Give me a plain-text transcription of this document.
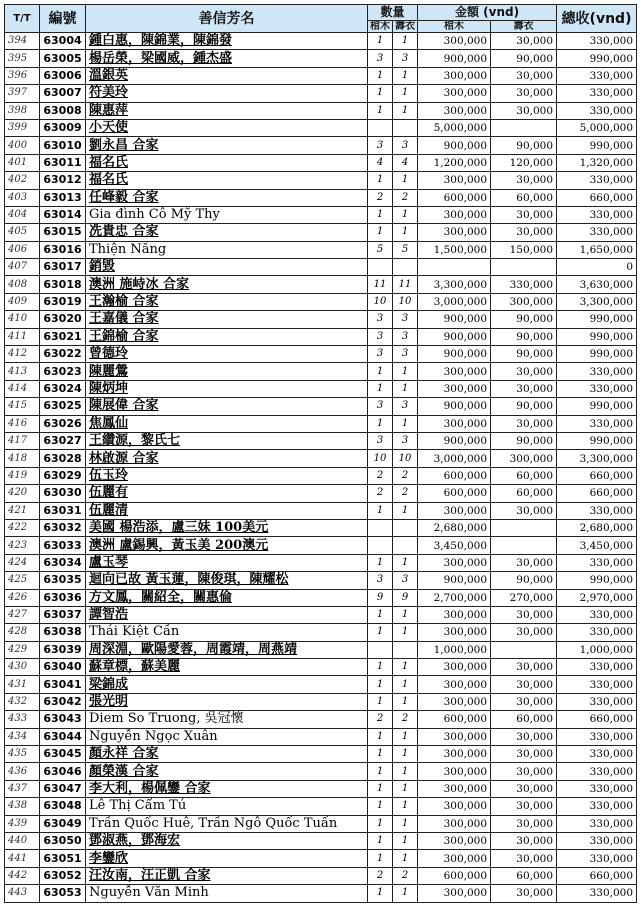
T/T	編號	善信芳名	數量		金額 (vnd)		總收(vnd)
			棺木	壽衣	棺木	壽衣	
394	63004	鍾白惠，陳錦業，陳錦發	1	1	300,000	30,000	330,000
395	63005	楊岳榮，梁國威，鍾杰盛	3	3	900,000	90,000	990,000
396	63006	溫銀英	1	1	300,000	30,000	330,000
397	63007	符美玲	1	1	300,000	30,000	330,000
398	63008	陳惠萍	1	1	300,000	30,000	330,000
399	63009	小天使			5,000,000		5,000,000
400	63010	劉永昌 合家	3	3	900,000	90,000	990,000
401	63011	福名氏	4	4	1,200,000	120,000	1,320,000
402	63012	福名氏	1	1	300,000	30,000	330,000
403	63013	任峰毅 合家	2	2	600,000	60,000	660,000
404	63014	Gia đình Cô Mỹ Thy	1	1	300,000	30,000	330,000
405	63015	冼貴忠 合家	1	1	300,000	30,000	330,000
406	63016	Thiện Năng	5	5	1,500,000	150,000	1,650,000
407	63017	銷毀					0
408	63018	澳洲 施峙冰 合家	11	11	3,300,000	330,000	3,630,000
409	63019	王瀚榆 合家	10	10	3,000,000	300,000	3,300,000
410	63020	王嘉儀 合家	3	3	900,000	90,000	990,000
411	63021	王錦榆 合家	3	3	900,000	90,000	990,000
412	63022	曾德玲	3	3	900,000	90,000	990,000
413	63023	陳麗鶯	1	1	300,000	30,000	330,000
414	63024	陳炳坤	1	1	300,000	30,000	330,000
415	63025	陳展偉 合家	3	3	900,000	90,000	990,000
416	63026	焦鳳仙	1	1	300,000	30,000	330,000
417	63027	王纘源，黎氏七	3	3	900,000	90,000	990,000
418	63028	林啟源 合家	10	10	3,000,000	300,000	3,300,000
419	63029	伍玉玲	2	2	600,000	60,000	660,000
420	63030	伍麗有	2	2	600,000	60,000	660,000
421	63031	伍麗清	1	1	300,000	30,000	330,000
422	63032	美國 楊浩添，盧三妹 100美元			2,680,000		2,680,000
423	63033	澳洲 盧錫興，黃玉美 200澳元			3,450,000		3,450,000
424	63034	盧玉琴	1	1	300,000	30,000	330,000
425	63035	迴向已故 黃玉蓮，陳俊琪，陳耀松	3	3	900,000	90,000	990,000
426	63036	方文鳳，關紹全，關惠倫	9	9	2,700,000	270,000	2,970,000
427	63037	譚智浩	1	1	300,000	30,000	330,000
428	63038	Thái Kiệt Cần	1	1	300,000	30,000	330,000
429	63039	周深淵，歐陽愛蓉，周霞靖，周燕靖			1,000,000		1,000,000
430	63040	蘇章標，蘇美麗	1	1	300,000	30,000	330,000
431	63041	梁錦成	1	1	300,000	30,000	330,000
432	63042	張光明	1	1	300,000	30,000	330,000
433	63043	Diem So Truong, 吳冠懷	2	2	600,000	60,000	660,000
434	63044	Nguyễn Ngọc Xuân	1	1	300,000	30,000	330,000
435	63045	顏永祥 合家	1	1	300,000	30,000	330,000
436	63046	顏榮漢 合家	1	1	300,000	30,000	330,000
437	63047	李大利，楊佩鑾 合家	1	1	300,000	30,000	330,000
438	63048	Lê Thị Cẩm Tú	1	1	300,000	30,000	330,000
439	63049	Trần Quốc Huê, Trần Ngô Quốc Tuấn	1	1	300,000	30,000	330,000
440	63050	鄧淑燕，鄧海宏	1	1	300,000	30,000	330,000
441	63051	李鑾欣	1	1	300,000	30,000	330,000
442	63052	汪汝南，汪正凱 合家	2	2	600,000	60,000	660,000
443	63053	Nguyễn Văn Minh	1	1	300,000	30,000	330,000
